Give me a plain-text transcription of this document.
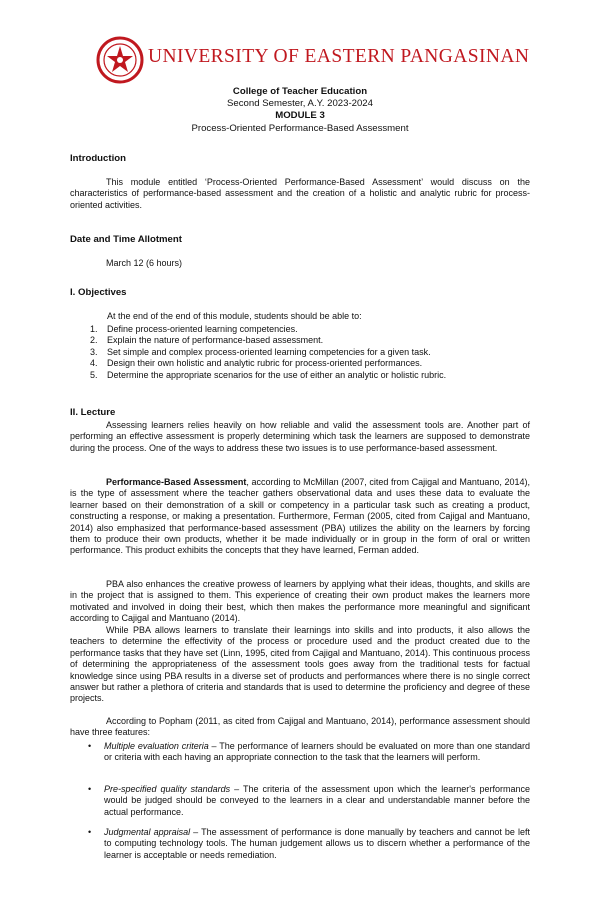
UNIVERSITY OF EASTERN PANGASINAN
College of Teacher Education
Second Semester, A.Y. 2023-2024
MODULE 3
Process-Oriented Performance-Based Assessment
Introduction
This module entitled ‘Process-Oriented Performance-Based Assessment’ would discuss on the characteristics of performance-based assessment and the creation of a holistic and analytic rubric for process-oriented activities.
Date and Time Allotment
March 12 (6 hours)
I. Objectives
At the end of the end of this module, students should be able to:
1. Define process-oriented learning competencies.
2. Explain the nature of performance-based assessment.
3. Set simple and complex process-oriented learning competencies for a given task.
4. Design their own holistic and analytic rubric for process-oriented performances.
5. Determine the appropriate scenarios for the use of either an analytic or holistic rubric.
II. Lecture
Assessing learners relies heavily on how reliable and valid the assessment tools are. Another part of performing an effective assessment is properly determining which task the learners are supposed to demonstrate during the process. One of the ways to address these two issues is to use performance-based assessment.
Performance-Based Assessment, according to McMillan (2007, cited from Cajigal and Mantuano, 2014), is the type of assessment where the teacher gathers observational data and uses these data to evaluate the learner based on their demonstration of a skill or competency in a particular task such as creating a product, constructing a response, or making a presentation. Furthermore, Ferman (2005, cited from Cajigal and Mantuano, 2014) also emphasized that performance-based assessment (PBA) utilizes the ability on the learners by forcing them to produce their own products, whether it be made individually or in group in the form of oral or written performance. This product exhibits the concepts that they have learned, Ferman added.
PBA also enhances the creative prowess of learners by applying what their ideas, thoughts, and skills are in the project that is assigned to them. This experience of creating their own product makes the learners more motivated and involved in doing their best, which then makes the performance more meaningful and significant according to Cajigal and Mantuano (2014).
While PBA allows learners to translate their learnings into skills and into products, it also allows the teachers to determine the effectivity of the process or procedure used and the product created due to the performance tasks that they have set (Linn, 1995, cited from Cajigal and Mantuano, 2014). This continuous process of determining the appropriateness of the assessment tools goes away from the traditional tests for factual knowledge since using PBA results in a diverse set of products and performances where there is no single correct answer but rather a plethora of criteria and standards that is used to determine the proficiency and degree of these projects.
According to Popham (2011, as cited from Cajigal and Mantuano, 2014), performance assessment should have three features:
• Multiple evaluation criteria – The performance of learners should be evaluated on more than one standard or criteria with each having an appropriate connection to the task that the learners will perform.
• Pre-specified quality standards – The criteria of the assessment upon which the learner's performance would be judged should be conveyed to the learners in a clear and understandable manner before the actual performance.
• Judgmental appraisal – The assessment of performance is done manually by teachers and cannot be left to computing technology tools. The human judgement allows us to discern whether a performance of the learner is acceptable or needs remediation.
